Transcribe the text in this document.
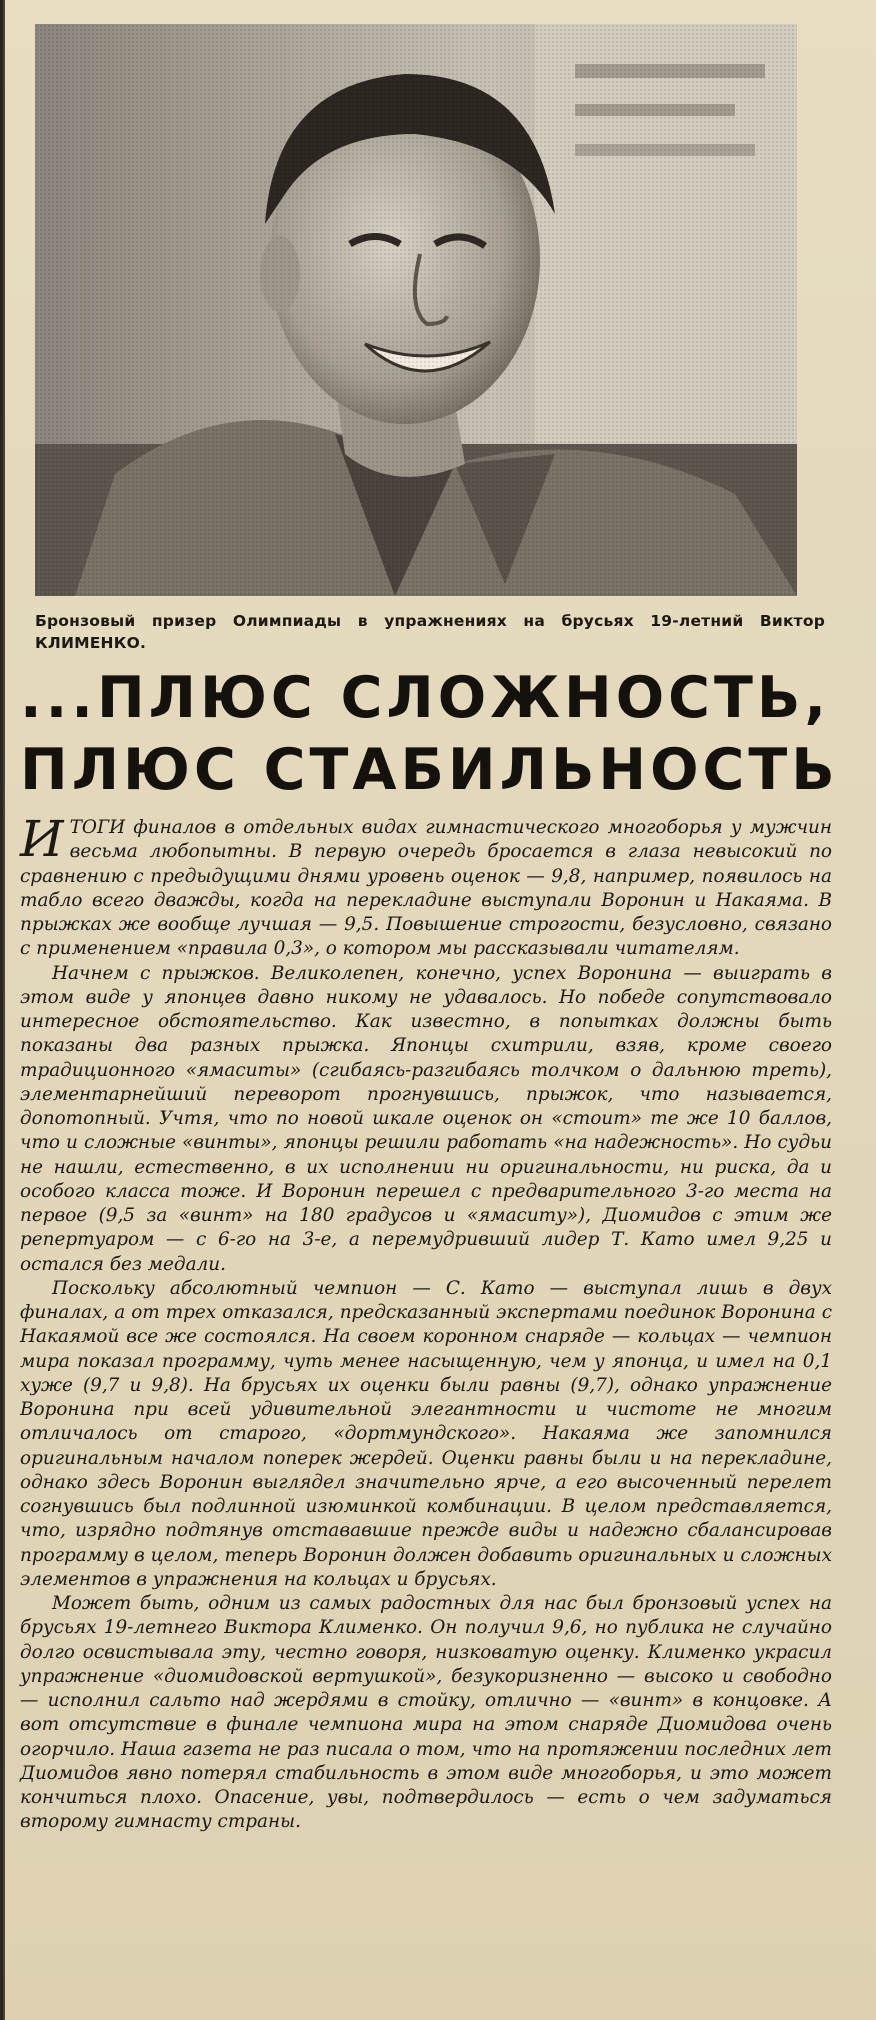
Бронзовый призер Олимпиады в упражнениях на брусьях 19-летний Виктор КЛИМЕНКО.
...ПЛЮС СЛОЖНОСТЬ,
ПЛЮС СТАБИЛЬНОСТЬ

ИТОГИ финалов в отдельных видах гимнастического многоборья у мужчин весьма любопытны. В первую очередь бросается в глаза невысокий по сравнению с предыдущими днями уровень оценок — 9,8, например, появилось на табло всего дважды, когда на перекладине выступали Воронин и Накаяма. В прыжках же вообще лучшая — 9,5. Повышение строгости, безусловно, связано с применением «правила 0,3», о котором мы рассказывали читателям.

Начнем с прыжков. Великолепен, конечно, успех Воронина — выиграть в этом виде у японцев давно никому не удавалось. Но победе сопутствовало интересное обстоятельство. Как известно, в попытках должны быть показаны два разных прыжка. Японцы схитрили, взяв, кроме своего традиционного «ямаситы» (сгибаясь-разгибаясь толчком о дальнюю треть), элементарнейший переворот прогнувшись, прыжок, что называется, допотопный. Учтя, что по новой шкале оценок он «стоит» те же 10 баллов, что и сложные «винты», японцы решили работать «на надежность». Но судьи не нашли, естественно, в их исполнении ни оригинальности, ни риска, да и особого класса тоже. И Воронин перешел с предварительного 3-го места на первое (9,5 за «винт» на 180 градусов и «ямаситу»), Диомидов с этим же репертуаром — с 6-го на 3-е, а перемудривший лидер Т. Като имел 9,25 и остался без медали.

Поскольку абсолютный чемпион — С. Като — выступал лишь в двух финалах, а от трех отказался, предсказанный экспертами поединок Воронина с Накаямой все же состоялся. На своем коронном снаряде — кольцах — чемпион мира показал программу, чуть менее насыщенную, чем у японца, и имел на 0,1 хуже (9,7 и 9,8). На брусьях их оценки были равны (9,7), однако упражнение Воронина при всей удивительной элегантности и чистоте не многим отличалось от старого, «дортмундского». Накаяма же запомнился оригинальным началом поперек жердей. Оценки равны были и на перекладине, однако здесь Воронин выглядел значительно ярче, а его высоченный перелет согнувшись был подлинной изюминкой комбинации. В целом представляется, что, изрядно подтянув отстававшие прежде виды и надежно сбалансировав программу в целом, теперь Воронин должен добавить оригинальных и сложных элементов в упражнения на кольцах и брусьях.

Может быть, одним из самых радостных для нас был бронзовый успех на брусьях 19-летнего Виктора Клименко. Он получил 9,6, но публика не случайно долго освистывала эту, честно говоря, низковатую оценку. Клименко украсил упражнение «диомидовской вертушкой», безукоризненно — высоко и свободно — исполнил сальто над жердями в стойку, отлично — «винт» в концовке. А вот отсутствие в финале чемпиона мира на этом снаряде Диомидова очень огорчило. Наша газета не раз писала о том, что на протяжении последних лет Диомидов явно потерял стабильность в этом виде многоборья, и это может кончиться плохо. Опасение, увы, подтвердилось — есть о чем задуматься второму гимнасту страны.
